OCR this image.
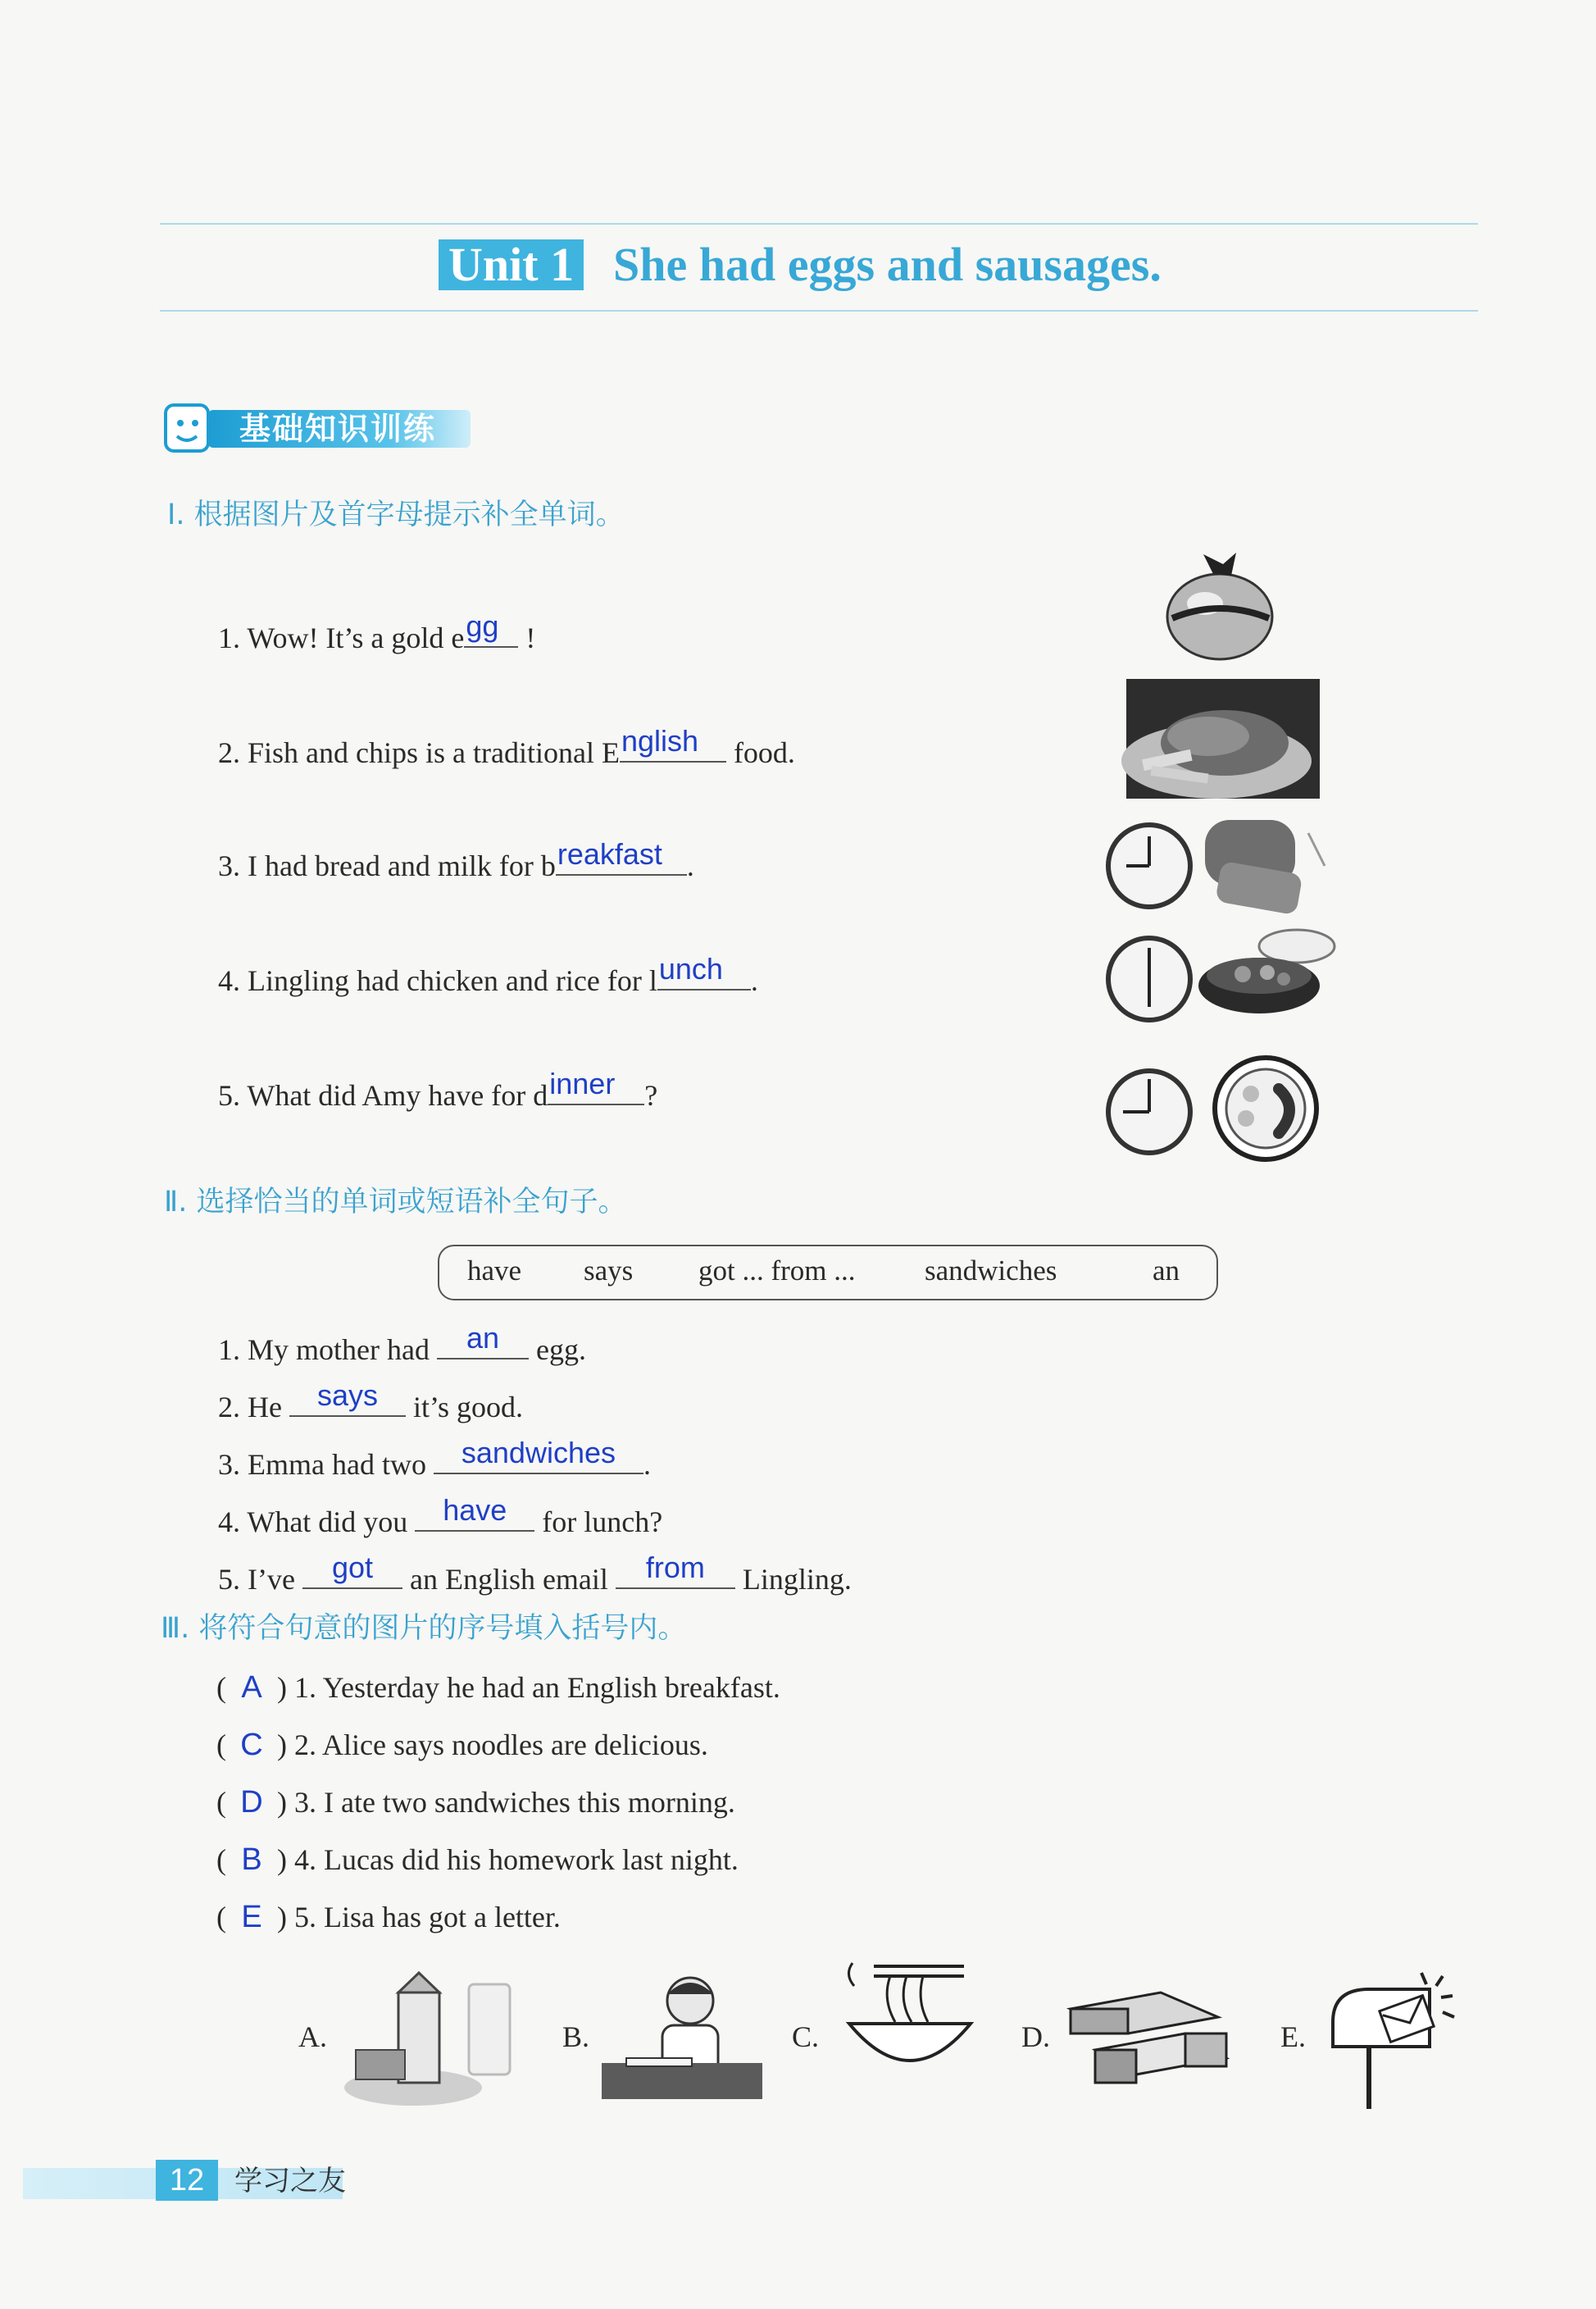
Unit 1 She had eggs and sausages.
基础知识训练
Ⅰ. 根据图片及首字母提示补全单词。
1. Wow! It’s a gold e gg !
2. Fish and chips is a traditional E nglish	food.
3. I had bread and milk for b reakfast .
4. Lingling had chicken and rice for l unch .
5. What did Amy have for d inner ?
Ⅱ. 选择恰当的单词或短语补全句子。
have says got ... from ... sandwiches	an
1. My mother had	an	egg.
2. He	says	it’s good.
3. Emma had two	sandwiches .
4. What did you	have	for lunch?
5. I’ve	got	an English email	from	Lingling.
Ⅲ. 将符合句意的图片的序号填入括号内。
( A ) 1. Yesterday he had an English breakfast.
( C ) 2. Alice says noodles are delicious.
( D ) 3. I ate two sandwiches this morning.
( B ) 4. Lucas did his homework last night.
( E ) 5. Lisa has got a letter.
A.	B.	C.	D.	E.
12	学习之友
